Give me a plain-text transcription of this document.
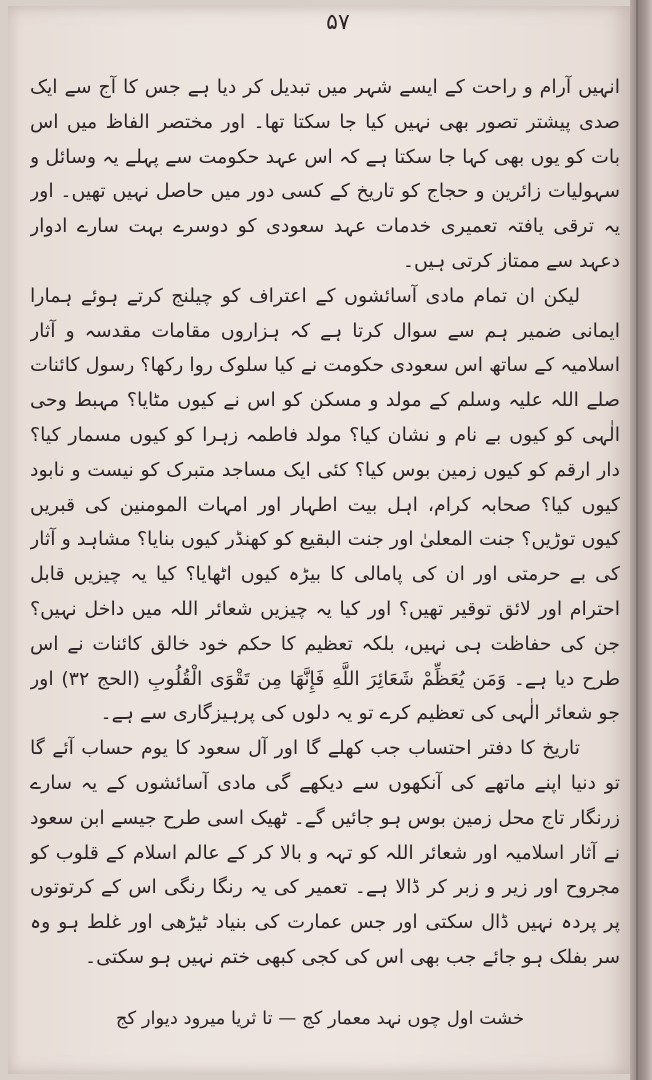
۵۷

انہیں آرام و راحت کے ایسے شہر میں تبدیل کر دیا ہے جس کا آج سے ایک صدی پیشتر تصور بھی نہیں کیا جا سکتا تھا۔ اور مختصر الفاظ میں اس بات کو یوں بھی کہا جا سکتا ہے کہ اس عہد حکومت سے پہلے یہ وسائل و سہولیات زائرین و حجاج کو تاریخ کے کسی دور میں حاصل نہیں تھیں۔ اور یہ ترقی یافتہ تعمیری خدمات عہد سعودی کو دوسرے بہت سارے ادوار دعہد سے ممتاز کرتی ہیں۔

لیکن ان تمام مادی آسائشوں کے اعتراف کو چیلنج کرتے ہوئے ہمارا ایمانی ضمیر ہم سے سوال کرتا ہے کہ ہزاروں مقامات مقدسہ و آثار اسلامیہ کے ساتھ اس سعودی حکومت نے کیا سلوک روا رکھا؟ رسول کائنات صلے اللہ علیہ وسلم کے مولد و مسکن کو اس نے کیوں مٹایا؟ مہبط وحی الٰہی کو کیوں بے نام و نشان کیا؟ مولد فاطمہ زہرا کو کیوں مسمار کیا؟ دار ارقم کو کیوں زمین بوس کیا؟ کئی ایک مساجد متبرک کو نیست و نابود کیوں کیا؟ صحابہ کرام، اہل بیت اطہار اور امہات المومنین کی قبریں کیوں توڑیں؟ جنت المعلیٰ اور جنت البقیع کو کھنڈر کیوں بنایا؟ مشاہد و آثار کی بے حرمتی اور ان کی پامالی کا بیڑہ کیوں اٹھایا؟ کیا یہ چیزیں قابل احترام اور لائق توقیر تھیں؟ اور کیا یہ چیزیں شعائر اللہ میں داخل نہیں؟ جن کی حفاظت ہی نہیں، بلکہ تعظیم کا حکم خود خالق کائنات نے اس طرح دیا ہے۔ وَمَن يُعَظِّمْ شَعَائِرَ اللَّهِ فَإِنَّهَا مِن تَقْوَى الْقُلُوبِ (الحج ۳۲) اور جو شعائر الٰہی کی تعظیم کرے تو یہ دلوں کی پرہیزگاری سے ہے۔

تاریخ کا دفتر احتساب جب کھلے گا اور آل سعود کا یوم حساب آئے گا تو دنیا اپنے ماتھے کی آنکھوں سے دیکھے گی مادی آسائشوں کے یہ سارے زرنگار تاج محل زمین بوس ہو جائیں گے۔ ٹھیک اسی طرح جیسے ابن سعود نے آثار اسلامیہ اور شعائر اللہ کو تہہ و بالا کر کے عالم اسلام کے قلوب کو مجروح اور زیر و زبر کر ڈالا ہے۔ تعمیر کی یہ رنگا رنگی اس کے کرتوتوں پر پردہ نہیں ڈال سکتی اور جس عمارت کی بنیاد ٹیڑھی اور غلط ہو وہ سر بفلک ہو جائے جب بھی اس کی کجی کبھی ختم نہیں ہو سکتی۔

خشت اول چوں نہد معمار کج — تا ثریا میرود دیوار کج
